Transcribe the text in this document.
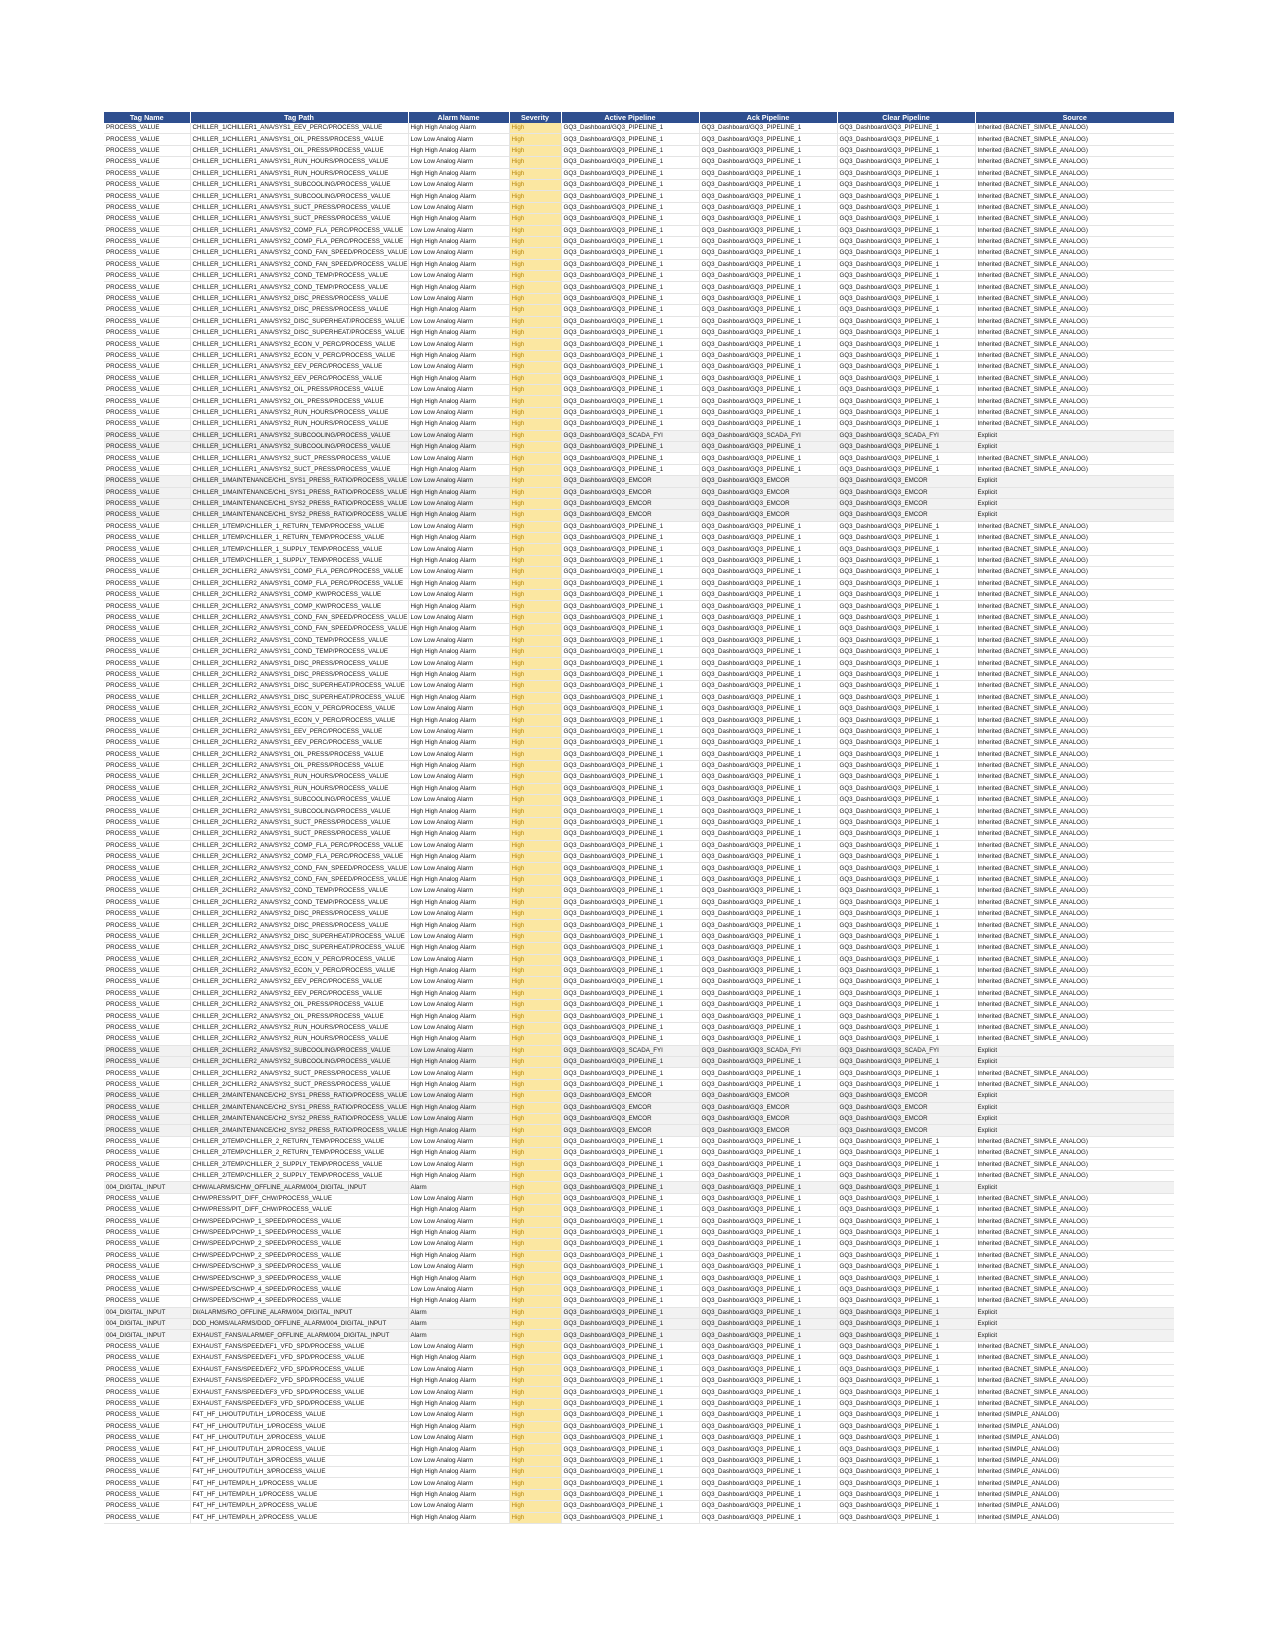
Tag Name	Tag Path	Alarm Name	Severity	Active Pipeline	Ack Pipeline	Clear Pipeline	Source
PROCESS_VALUE	CHILLER_1/CHILLER1_ANA/SYS1_EEV_PERC/PROCESS_VALUE	High High Analog Alarm	High	GQ3_Dashboard/GQ3_PIPELINE_1	GQ3_Dashboard/GQ3_PIPELINE_1	GQ3_Dashboard/GQ3_PIPELINE_1	Inherited (BACNET_SIMPLE_ANALOG)
PROCESS_VALUE	CHILLER_1/CHILLER1_ANA/SYS1_OIL_PRESS/PROCESS_VALUE	Low Low Analog Alarm	High	GQ3_Dashboard/GQ3_PIPELINE_1	GQ3_Dashboard/GQ3_PIPELINE_1	GQ3_Dashboard/GQ3_PIPELINE_1	Inherited (BACNET_SIMPLE_ANALOG)
PROCESS_VALUE	CHILLER_1/CHILLER1_ANA/SYS1_OIL_PRESS/PROCESS_VALUE	High High Analog Alarm	High	GQ3_Dashboard/GQ3_PIPELINE_1	GQ3_Dashboard/GQ3_PIPELINE_1	GQ3_Dashboard/GQ3_PIPELINE_1	Inherited (BACNET_SIMPLE_ANALOG)
PROCESS_VALUE	CHILLER_1/CHILLER1_ANA/SYS1_RUN_HOURS/PROCESS_VALUE	Low Low Analog Alarm	High	GQ3_Dashboard/GQ3_PIPELINE_1	GQ3_Dashboard/GQ3_PIPELINE_1	GQ3_Dashboard/GQ3_PIPELINE_1	Inherited (BACNET_SIMPLE_ANALOG)
PROCESS_VALUE	CHILLER_1/CHILLER1_ANA/SYS1_RUN_HOURS/PROCESS_VALUE	High High Analog Alarm	High	GQ3_Dashboard/GQ3_PIPELINE_1	GQ3_Dashboard/GQ3_PIPELINE_1	GQ3_Dashboard/GQ3_PIPELINE_1	Inherited (BACNET_SIMPLE_ANALOG)
PROCESS_VALUE	CHILLER_1/CHILLER1_ANA/SYS1_SUBCOOLING/PROCESS_VALUE	Low Low Analog Alarm	High	GQ3_Dashboard/GQ3_PIPELINE_1	GQ3_Dashboard/GQ3_PIPELINE_1	GQ3_Dashboard/GQ3_PIPELINE_1	Inherited (BACNET_SIMPLE_ANALOG)
PROCESS_VALUE	CHILLER_1/CHILLER1_ANA/SYS1_SUBCOOLING/PROCESS_VALUE	High High Analog Alarm	High	GQ3_Dashboard/GQ3_PIPELINE_1	GQ3_Dashboard/GQ3_PIPELINE_1	GQ3_Dashboard/GQ3_PIPELINE_1	Inherited (BACNET_SIMPLE_ANALOG)
PROCESS_VALUE	CHILLER_1/CHILLER1_ANA/SYS1_SUCT_PRESS/PROCESS_VALUE	Low Low Analog Alarm	High	GQ3_Dashboard/GQ3_PIPELINE_1	GQ3_Dashboard/GQ3_PIPELINE_1	GQ3_Dashboard/GQ3_PIPELINE_1	Inherited (BACNET_SIMPLE_ANALOG)
PROCESS_VALUE	CHILLER_1/CHILLER1_ANA/SYS1_SUCT_PRESS/PROCESS_VALUE	High High Analog Alarm	High	GQ3_Dashboard/GQ3_PIPELINE_1	GQ3_Dashboard/GQ3_PIPELINE_1	GQ3_Dashboard/GQ3_PIPELINE_1	Inherited (BACNET_SIMPLE_ANALOG)
PROCESS_VALUE	CHILLER_1/CHILLER1_ANA/SYS2_COMP_FLA_PERC/PROCESS_VALUE	Low Low Analog Alarm	High	GQ3_Dashboard/GQ3_PIPELINE_1	GQ3_Dashboard/GQ3_PIPELINE_1	GQ3_Dashboard/GQ3_PIPELINE_1	Inherited (BACNET_SIMPLE_ANALOG)
PROCESS_VALUE	CHILLER_1/CHILLER1_ANA/SYS2_COMP_FLA_PERC/PROCESS_VALUE	High High Analog Alarm	High	GQ3_Dashboard/GQ3_PIPELINE_1	GQ3_Dashboard/GQ3_PIPELINE_1	GQ3_Dashboard/GQ3_PIPELINE_1	Inherited (BACNET_SIMPLE_ANALOG)
PROCESS_VALUE	CHILLER_1/CHILLER1_ANA/SYS2_COND_FAN_SPEED/PROCESS_VALUE	Low Low Analog Alarm	High	GQ3_Dashboard/GQ3_PIPELINE_1	GQ3_Dashboard/GQ3_PIPELINE_1	GQ3_Dashboard/GQ3_PIPELINE_1	Inherited (BACNET_SIMPLE_ANALOG)
PROCESS_VALUE	CHILLER_1/CHILLER1_ANA/SYS2_COND_FAN_SPEED/PROCESS_VALUE	High High Analog Alarm	High	GQ3_Dashboard/GQ3_PIPELINE_1	GQ3_Dashboard/GQ3_PIPELINE_1	GQ3_Dashboard/GQ3_PIPELINE_1	Inherited (BACNET_SIMPLE_ANALOG)
PROCESS_VALUE	CHILLER_1/CHILLER1_ANA/SYS2_COND_TEMP/PROCESS_VALUE	Low Low Analog Alarm	High	GQ3_Dashboard/GQ3_PIPELINE_1	GQ3_Dashboard/GQ3_PIPELINE_1	GQ3_Dashboard/GQ3_PIPELINE_1	Inherited (BACNET_SIMPLE_ANALOG)
PROCESS_VALUE	CHILLER_1/CHILLER1_ANA/SYS2_COND_TEMP/PROCESS_VALUE	High High Analog Alarm	High	GQ3_Dashboard/GQ3_PIPELINE_1	GQ3_Dashboard/GQ3_PIPELINE_1	GQ3_Dashboard/GQ3_PIPELINE_1	Inherited (BACNET_SIMPLE_ANALOG)
PROCESS_VALUE	CHILLER_1/CHILLER1_ANA/SYS2_DISC_PRESS/PROCESS_VALUE	Low Low Analog Alarm	High	GQ3_Dashboard/GQ3_PIPELINE_1	GQ3_Dashboard/GQ3_PIPELINE_1	GQ3_Dashboard/GQ3_PIPELINE_1	Inherited (BACNET_SIMPLE_ANALOG)
PROCESS_VALUE	CHILLER_1/CHILLER1_ANA/SYS2_DISC_PRESS/PROCESS_VALUE	High High Analog Alarm	High	GQ3_Dashboard/GQ3_PIPELINE_1	GQ3_Dashboard/GQ3_PIPELINE_1	GQ3_Dashboard/GQ3_PIPELINE_1	Inherited (BACNET_SIMPLE_ANALOG)
PROCESS_VALUE	CHILLER_1/CHILLER1_ANA/SYS2_DISC_SUPERHEAT/PROCESS_VALUE	Low Low Analog Alarm	High	GQ3_Dashboard/GQ3_PIPELINE_1	GQ3_Dashboard/GQ3_PIPELINE_1	GQ3_Dashboard/GQ3_PIPELINE_1	Inherited (BACNET_SIMPLE_ANALOG)
PROCESS_VALUE	CHILLER_1/CHILLER1_ANA/SYS2_DISC_SUPERHEAT/PROCESS_VALUE	High High Analog Alarm	High	GQ3_Dashboard/GQ3_PIPELINE_1	GQ3_Dashboard/GQ3_PIPELINE_1	GQ3_Dashboard/GQ3_PIPELINE_1	Inherited (BACNET_SIMPLE_ANALOG)
PROCESS_VALUE	CHILLER_1/CHILLER1_ANA/SYS2_ECON_V_PERC/PROCESS_VALUE	Low Low Analog Alarm	High	GQ3_Dashboard/GQ3_PIPELINE_1	GQ3_Dashboard/GQ3_PIPELINE_1	GQ3_Dashboard/GQ3_PIPELINE_1	Inherited (BACNET_SIMPLE_ANALOG)
PROCESS_VALUE	CHILLER_1/CHILLER1_ANA/SYS2_ECON_V_PERC/PROCESS_VALUE	High High Analog Alarm	High	GQ3_Dashboard/GQ3_PIPELINE_1	GQ3_Dashboard/GQ3_PIPELINE_1	GQ3_Dashboard/GQ3_PIPELINE_1	Inherited (BACNET_SIMPLE_ANALOG)
PROCESS_VALUE	CHILLER_1/CHILLER1_ANA/SYS2_EEV_PERC/PROCESS_VALUE	Low Low Analog Alarm	High	GQ3_Dashboard/GQ3_PIPELINE_1	GQ3_Dashboard/GQ3_PIPELINE_1	GQ3_Dashboard/GQ3_PIPELINE_1	Inherited (BACNET_SIMPLE_ANALOG)
PROCESS_VALUE	CHILLER_1/CHILLER1_ANA/SYS2_EEV_PERC/PROCESS_VALUE	High High Analog Alarm	High	GQ3_Dashboard/GQ3_PIPELINE_1	GQ3_Dashboard/GQ3_PIPELINE_1	GQ3_Dashboard/GQ3_PIPELINE_1	Inherited (BACNET_SIMPLE_ANALOG)
PROCESS_VALUE	CHILLER_1/CHILLER1_ANA/SYS2_OIL_PRESS/PROCESS_VALUE	Low Low Analog Alarm	High	GQ3_Dashboard/GQ3_PIPELINE_1	GQ3_Dashboard/GQ3_PIPELINE_1	GQ3_Dashboard/GQ3_PIPELINE_1	Inherited (BACNET_SIMPLE_ANALOG)
PROCESS_VALUE	CHILLER_1/CHILLER1_ANA/SYS2_OIL_PRESS/PROCESS_VALUE	High High Analog Alarm	High	GQ3_Dashboard/GQ3_PIPELINE_1	GQ3_Dashboard/GQ3_PIPELINE_1	GQ3_Dashboard/GQ3_PIPELINE_1	Inherited (BACNET_SIMPLE_ANALOG)
PROCESS_VALUE	CHILLER_1/CHILLER1_ANA/SYS2_RUN_HOURS/PROCESS_VALUE	Low Low Analog Alarm	High	GQ3_Dashboard/GQ3_PIPELINE_1	GQ3_Dashboard/GQ3_PIPELINE_1	GQ3_Dashboard/GQ3_PIPELINE_1	Inherited (BACNET_SIMPLE_ANALOG)
PROCESS_VALUE	CHILLER_1/CHILLER1_ANA/SYS2_RUN_HOURS/PROCESS_VALUE	High High Analog Alarm	High	GQ3_Dashboard/GQ3_PIPELINE_1	GQ3_Dashboard/GQ3_PIPELINE_1	GQ3_Dashboard/GQ3_PIPELINE_1	Inherited (BACNET_SIMPLE_ANALOG)
PROCESS_VALUE	CHILLER_1/CHILLER1_ANA/SYS2_SUBCOOLING/PROCESS_VALUE	Low Low Analog Alarm	High	GQ3_Dashboard/GQ3_SCADA_FYI	GQ3_Dashboard/GQ3_SCADA_FYI	GQ3_Dashboard/GQ3_SCADA_FYI	Explicit
PROCESS_VALUE	CHILLER_1/CHILLER1_ANA/SYS2_SUBCOOLING/PROCESS_VALUE	High High Analog Alarm	High	GQ3_Dashboard/GQ3_PIPELINE_1	GQ3_Dashboard/GQ3_PIPELINE_1	GQ3_Dashboard/GQ3_PIPELINE_1	Explicit
PROCESS_VALUE	CHILLER_1/CHILLER1_ANA/SYS2_SUCT_PRESS/PROCESS_VALUE	Low Low Analog Alarm	High	GQ3_Dashboard/GQ3_PIPELINE_1	GQ3_Dashboard/GQ3_PIPELINE_1	GQ3_Dashboard/GQ3_PIPELINE_1	Inherited (BACNET_SIMPLE_ANALOG)
PROCESS_VALUE	CHILLER_1/CHILLER1_ANA/SYS2_SUCT_PRESS/PROCESS_VALUE	High High Analog Alarm	High	GQ3_Dashboard/GQ3_PIPELINE_1	GQ3_Dashboard/GQ3_PIPELINE_1	GQ3_Dashboard/GQ3_PIPELINE_1	Inherited (BACNET_SIMPLE_ANALOG)
PROCESS_VALUE	CHILLER_1/MAINTENANCE/CH1_SYS1_PRESS_RATIO/PROCESS_VALUE	Low Low Analog Alarm	High	GQ3_Dashboard/GQ3_EMCOR	GQ3_Dashboard/GQ3_EMCOR	GQ3_Dashboard/GQ3_EMCOR	Explicit
PROCESS_VALUE	CHILLER_1/MAINTENANCE/CH1_SYS1_PRESS_RATIO/PROCESS_VALUE	High High Analog Alarm	High	GQ3_Dashboard/GQ3_EMCOR	GQ3_Dashboard/GQ3_EMCOR	GQ3_Dashboard/GQ3_EMCOR	Explicit
PROCESS_VALUE	CHILLER_1/MAINTENANCE/CH1_SYS2_PRESS_RATIO/PROCESS_VALUE	Low Low Analog Alarm	High	GQ3_Dashboard/GQ3_EMCOR	GQ3_Dashboard/GQ3_EMCOR	GQ3_Dashboard/GQ3_EMCOR	Explicit
PROCESS_VALUE	CHILLER_1/MAINTENANCE/CH1_SYS2_PRESS_RATIO/PROCESS_VALUE	High High Analog Alarm	High	GQ3_Dashboard/GQ3_EMCOR	GQ3_Dashboard/GQ3_EMCOR	GQ3_Dashboard/GQ3_EMCOR	Explicit
PROCESS_VALUE	CHILLER_1/TEMP/CHILLER_1_RETURN_TEMP/PROCESS_VALUE	Low Low Analog Alarm	High	GQ3_Dashboard/GQ3_PIPELINE_1	GQ3_Dashboard/GQ3_PIPELINE_1	GQ3_Dashboard/GQ3_PIPELINE_1	Inherited (BACNET_SIMPLE_ANALOG)
PROCESS_VALUE	CHILLER_1/TEMP/CHILLER_1_RETURN_TEMP/PROCESS_VALUE	High High Analog Alarm	High	GQ3_Dashboard/GQ3_PIPELINE_1	GQ3_Dashboard/GQ3_PIPELINE_1	GQ3_Dashboard/GQ3_PIPELINE_1	Inherited (BACNET_SIMPLE_ANALOG)
PROCESS_VALUE	CHILLER_1/TEMP/CHILLER_1_SUPPLY_TEMP/PROCESS_VALUE	Low Low Analog Alarm	High	GQ3_Dashboard/GQ3_PIPELINE_1	GQ3_Dashboard/GQ3_PIPELINE_1	GQ3_Dashboard/GQ3_PIPELINE_1	Inherited (BACNET_SIMPLE_ANALOG)
PROCESS_VALUE	CHILLER_1/TEMP/CHILLER_1_SUPPLY_TEMP/PROCESS_VALUE	High High Analog Alarm	High	GQ3_Dashboard/GQ3_PIPELINE_1	GQ3_Dashboard/GQ3_PIPELINE_1	GQ3_Dashboard/GQ3_PIPELINE_1	Inherited (BACNET_SIMPLE_ANALOG)
PROCESS_VALUE	CHILLER_2/CHILLER2_ANA/SYS1_COMP_FLA_PERC/PROCESS_VALUE	Low Low Analog Alarm	High	GQ3_Dashboard/GQ3_PIPELINE_1	GQ3_Dashboard/GQ3_PIPELINE_1	GQ3_Dashboard/GQ3_PIPELINE_1	Inherited (BACNET_SIMPLE_ANALOG)
PROCESS_VALUE	CHILLER_2/CHILLER2_ANA/SYS1_COMP_FLA_PERC/PROCESS_VALUE	High High Analog Alarm	High	GQ3_Dashboard/GQ3_PIPELINE_1	GQ3_Dashboard/GQ3_PIPELINE_1	GQ3_Dashboard/GQ3_PIPELINE_1	Inherited (BACNET_SIMPLE_ANALOG)
PROCESS_VALUE	CHILLER_2/CHILLER2_ANA/SYS1_COMP_KW/PROCESS_VALUE	Low Low Analog Alarm	High	GQ3_Dashboard/GQ3_PIPELINE_1	GQ3_Dashboard/GQ3_PIPELINE_1	GQ3_Dashboard/GQ3_PIPELINE_1	Inherited (BACNET_SIMPLE_ANALOG)
PROCESS_VALUE	CHILLER_2/CHILLER2_ANA/SYS1_COMP_KW/PROCESS_VALUE	High High Analog Alarm	High	GQ3_Dashboard/GQ3_PIPELINE_1	GQ3_Dashboard/GQ3_PIPELINE_1	GQ3_Dashboard/GQ3_PIPELINE_1	Inherited (BACNET_SIMPLE_ANALOG)
PROCESS_VALUE	CHILLER_2/CHILLER2_ANA/SYS1_COND_FAN_SPEED/PROCESS_VALUE	Low Low Analog Alarm	High	GQ3_Dashboard/GQ3_PIPELINE_1	GQ3_Dashboard/GQ3_PIPELINE_1	GQ3_Dashboard/GQ3_PIPELINE_1	Inherited (BACNET_SIMPLE_ANALOG)
PROCESS_VALUE	CHILLER_2/CHILLER2_ANA/SYS1_COND_FAN_SPEED/PROCESS_VALUE	High High Analog Alarm	High	GQ3_Dashboard/GQ3_PIPELINE_1	GQ3_Dashboard/GQ3_PIPELINE_1	GQ3_Dashboard/GQ3_PIPELINE_1	Inherited (BACNET_SIMPLE_ANALOG)
PROCESS_VALUE	CHILLER_2/CHILLER2_ANA/SYS1_COND_TEMP/PROCESS_VALUE	Low Low Analog Alarm	High	GQ3_Dashboard/GQ3_PIPELINE_1	GQ3_Dashboard/GQ3_PIPELINE_1	GQ3_Dashboard/GQ3_PIPELINE_1	Inherited (BACNET_SIMPLE_ANALOG)
PROCESS_VALUE	CHILLER_2/CHILLER2_ANA/SYS1_COND_TEMP/PROCESS_VALUE	High High Analog Alarm	High	GQ3_Dashboard/GQ3_PIPELINE_1	GQ3_Dashboard/GQ3_PIPELINE_1	GQ3_Dashboard/GQ3_PIPELINE_1	Inherited (BACNET_SIMPLE_ANALOG)
PROCESS_VALUE	CHILLER_2/CHILLER2_ANA/SYS1_DISC_PRESS/PROCESS_VALUE	Low Low Analog Alarm	High	GQ3_Dashboard/GQ3_PIPELINE_1	GQ3_Dashboard/GQ3_PIPELINE_1	GQ3_Dashboard/GQ3_PIPELINE_1	Inherited (BACNET_SIMPLE_ANALOG)
PROCESS_VALUE	CHILLER_2/CHILLER2_ANA/SYS1_DISC_PRESS/PROCESS_VALUE	High High Analog Alarm	High	GQ3_Dashboard/GQ3_PIPELINE_1	GQ3_Dashboard/GQ3_PIPELINE_1	GQ3_Dashboard/GQ3_PIPELINE_1	Inherited (BACNET_SIMPLE_ANALOG)
PROCESS_VALUE	CHILLER_2/CHILLER2_ANA/SYS1_DISC_SUPERHEAT/PROCESS_VALUE	Low Low Analog Alarm	High	GQ3_Dashboard/GQ3_PIPELINE_1	GQ3_Dashboard/GQ3_PIPELINE_1	GQ3_Dashboard/GQ3_PIPELINE_1	Inherited (BACNET_SIMPLE_ANALOG)
PROCESS_VALUE	CHILLER_2/CHILLER2_ANA/SYS1_DISC_SUPERHEAT/PROCESS_VALUE	High High Analog Alarm	High	GQ3_Dashboard/GQ3_PIPELINE_1	GQ3_Dashboard/GQ3_PIPELINE_1	GQ3_Dashboard/GQ3_PIPELINE_1	Inherited (BACNET_SIMPLE_ANALOG)
PROCESS_VALUE	CHILLER_2/CHILLER2_ANA/SYS1_ECON_V_PERC/PROCESS_VALUE	Low Low Analog Alarm	High	GQ3_Dashboard/GQ3_PIPELINE_1	GQ3_Dashboard/GQ3_PIPELINE_1	GQ3_Dashboard/GQ3_PIPELINE_1	Inherited (BACNET_SIMPLE_ANALOG)
PROCESS_VALUE	CHILLER_2/CHILLER2_ANA/SYS1_ECON_V_PERC/PROCESS_VALUE	High High Analog Alarm	High	GQ3_Dashboard/GQ3_PIPELINE_1	GQ3_Dashboard/GQ3_PIPELINE_1	GQ3_Dashboard/GQ3_PIPELINE_1	Inherited (BACNET_SIMPLE_ANALOG)
PROCESS_VALUE	CHILLER_2/CHILLER2_ANA/SYS1_EEV_PERC/PROCESS_VALUE	Low Low Analog Alarm	High	GQ3_Dashboard/GQ3_PIPELINE_1	GQ3_Dashboard/GQ3_PIPELINE_1	GQ3_Dashboard/GQ3_PIPELINE_1	Inherited (BACNET_SIMPLE_ANALOG)
PROCESS_VALUE	CHILLER_2/CHILLER2_ANA/SYS1_EEV_PERC/PROCESS_VALUE	High High Analog Alarm	High	GQ3_Dashboard/GQ3_PIPELINE_1	GQ3_Dashboard/GQ3_PIPELINE_1	GQ3_Dashboard/GQ3_PIPELINE_1	Inherited (BACNET_SIMPLE_ANALOG)
PROCESS_VALUE	CHILLER_2/CHILLER2_ANA/SYS1_OIL_PRESS/PROCESS_VALUE	Low Low Analog Alarm	High	GQ3_Dashboard/GQ3_PIPELINE_1	GQ3_Dashboard/GQ3_PIPELINE_1	GQ3_Dashboard/GQ3_PIPELINE_1	Inherited (BACNET_SIMPLE_ANALOG)
PROCESS_VALUE	CHILLER_2/CHILLER2_ANA/SYS1_OIL_PRESS/PROCESS_VALUE	High High Analog Alarm	High	GQ3_Dashboard/GQ3_PIPELINE_1	GQ3_Dashboard/GQ3_PIPELINE_1	GQ3_Dashboard/GQ3_PIPELINE_1	Inherited (BACNET_SIMPLE_ANALOG)
PROCESS_VALUE	CHILLER_2/CHILLER2_ANA/SYS1_RUN_HOURS/PROCESS_VALUE	Low Low Analog Alarm	High	GQ3_Dashboard/GQ3_PIPELINE_1	GQ3_Dashboard/GQ3_PIPELINE_1	GQ3_Dashboard/GQ3_PIPELINE_1	Inherited (BACNET_SIMPLE_ANALOG)
PROCESS_VALUE	CHILLER_2/CHILLER2_ANA/SYS1_RUN_HOURS/PROCESS_VALUE	High High Analog Alarm	High	GQ3_Dashboard/GQ3_PIPELINE_1	GQ3_Dashboard/GQ3_PIPELINE_1	GQ3_Dashboard/GQ3_PIPELINE_1	Inherited (BACNET_SIMPLE_ANALOG)
PROCESS_VALUE	CHILLER_2/CHILLER2_ANA/SYS1_SUBCOOLING/PROCESS_VALUE	Low Low Analog Alarm	High	GQ3_Dashboard/GQ3_PIPELINE_1	GQ3_Dashboard/GQ3_PIPELINE_1	GQ3_Dashboard/GQ3_PIPELINE_1	Inherited (BACNET_SIMPLE_ANALOG)
PROCESS_VALUE	CHILLER_2/CHILLER2_ANA/SYS1_SUBCOOLING/PROCESS_VALUE	High High Analog Alarm	High	GQ3_Dashboard/GQ3_PIPELINE_1	GQ3_Dashboard/GQ3_PIPELINE_1	GQ3_Dashboard/GQ3_PIPELINE_1	Inherited (BACNET_SIMPLE_ANALOG)
PROCESS_VALUE	CHILLER_2/CHILLER2_ANA/SYS1_SUCT_PRESS/PROCESS_VALUE	Low Low Analog Alarm	High	GQ3_Dashboard/GQ3_PIPELINE_1	GQ3_Dashboard/GQ3_PIPELINE_1	GQ3_Dashboard/GQ3_PIPELINE_1	Inherited (BACNET_SIMPLE_ANALOG)
PROCESS_VALUE	CHILLER_2/CHILLER2_ANA/SYS1_SUCT_PRESS/PROCESS_VALUE	High High Analog Alarm	High	GQ3_Dashboard/GQ3_PIPELINE_1	GQ3_Dashboard/GQ3_PIPELINE_1	GQ3_Dashboard/GQ3_PIPELINE_1	Inherited (BACNET_SIMPLE_ANALOG)
PROCESS_VALUE	CHILLER_2/CHILLER2_ANA/SYS2_COMP_FLA_PERC/PROCESS_VALUE	Low Low Analog Alarm	High	GQ3_Dashboard/GQ3_PIPELINE_1	GQ3_Dashboard/GQ3_PIPELINE_1	GQ3_Dashboard/GQ3_PIPELINE_1	Inherited (BACNET_SIMPLE_ANALOG)
PROCESS_VALUE	CHILLER_2/CHILLER2_ANA/SYS2_COMP_FLA_PERC/PROCESS_VALUE	High High Analog Alarm	High	GQ3_Dashboard/GQ3_PIPELINE_1	GQ3_Dashboard/GQ3_PIPELINE_1	GQ3_Dashboard/GQ3_PIPELINE_1	Inherited (BACNET_SIMPLE_ANALOG)
PROCESS_VALUE	CHILLER_2/CHILLER2_ANA/SYS2_COND_FAN_SPEED/PROCESS_VALUE	Low Low Analog Alarm	High	GQ3_Dashboard/GQ3_PIPELINE_1	GQ3_Dashboard/GQ3_PIPELINE_1	GQ3_Dashboard/GQ3_PIPELINE_1	Inherited (BACNET_SIMPLE_ANALOG)
PROCESS_VALUE	CHILLER_2/CHILLER2_ANA/SYS2_COND_FAN_SPEED/PROCESS_VALUE	High High Analog Alarm	High	GQ3_Dashboard/GQ3_PIPELINE_1	GQ3_Dashboard/GQ3_PIPELINE_1	GQ3_Dashboard/GQ3_PIPELINE_1	Inherited (BACNET_SIMPLE_ANALOG)
PROCESS_VALUE	CHILLER_2/CHILLER2_ANA/SYS2_COND_TEMP/PROCESS_VALUE	Low Low Analog Alarm	High	GQ3_Dashboard/GQ3_PIPELINE_1	GQ3_Dashboard/GQ3_PIPELINE_1	GQ3_Dashboard/GQ3_PIPELINE_1	Inherited (BACNET_SIMPLE_ANALOG)
PROCESS_VALUE	CHILLER_2/CHILLER2_ANA/SYS2_COND_TEMP/PROCESS_VALUE	High High Analog Alarm	High	GQ3_Dashboard/GQ3_PIPELINE_1	GQ3_Dashboard/GQ3_PIPELINE_1	GQ3_Dashboard/GQ3_PIPELINE_1	Inherited (BACNET_SIMPLE_ANALOG)
PROCESS_VALUE	CHILLER_2/CHILLER2_ANA/SYS2_DISC_PRESS/PROCESS_VALUE	Low Low Analog Alarm	High	GQ3_Dashboard/GQ3_PIPELINE_1	GQ3_Dashboard/GQ3_PIPELINE_1	GQ3_Dashboard/GQ3_PIPELINE_1	Inherited (BACNET_SIMPLE_ANALOG)
PROCESS_VALUE	CHILLER_2/CHILLER2_ANA/SYS2_DISC_PRESS/PROCESS_VALUE	High High Analog Alarm	High	GQ3_Dashboard/GQ3_PIPELINE_1	GQ3_Dashboard/GQ3_PIPELINE_1	GQ3_Dashboard/GQ3_PIPELINE_1	Inherited (BACNET_SIMPLE_ANALOG)
PROCESS_VALUE	CHILLER_2/CHILLER2_ANA/SYS2_DISC_SUPERHEAT/PROCESS_VALUE	Low Low Analog Alarm	High	GQ3_Dashboard/GQ3_PIPELINE_1	GQ3_Dashboard/GQ3_PIPELINE_1	GQ3_Dashboard/GQ3_PIPELINE_1	Inherited (BACNET_SIMPLE_ANALOG)
PROCESS_VALUE	CHILLER_2/CHILLER2_ANA/SYS2_DISC_SUPERHEAT/PROCESS_VALUE	High High Analog Alarm	High	GQ3_Dashboard/GQ3_PIPELINE_1	GQ3_Dashboard/GQ3_PIPELINE_1	GQ3_Dashboard/GQ3_PIPELINE_1	Inherited (BACNET_SIMPLE_ANALOG)
PROCESS_VALUE	CHILLER_2/CHILLER2_ANA/SYS2_ECON_V_PERC/PROCESS_VALUE	Low Low Analog Alarm	High	GQ3_Dashboard/GQ3_PIPELINE_1	GQ3_Dashboard/GQ3_PIPELINE_1	GQ3_Dashboard/GQ3_PIPELINE_1	Inherited (BACNET_SIMPLE_ANALOG)
PROCESS_VALUE	CHILLER_2/CHILLER2_ANA/SYS2_ECON_V_PERC/PROCESS_VALUE	High High Analog Alarm	High	GQ3_Dashboard/GQ3_PIPELINE_1	GQ3_Dashboard/GQ3_PIPELINE_1	GQ3_Dashboard/GQ3_PIPELINE_1	Inherited (BACNET_SIMPLE_ANALOG)
PROCESS_VALUE	CHILLER_2/CHILLER2_ANA/SYS2_EEV_PERC/PROCESS_VALUE	Low Low Analog Alarm	High	GQ3_Dashboard/GQ3_PIPELINE_1	GQ3_Dashboard/GQ3_PIPELINE_1	GQ3_Dashboard/GQ3_PIPELINE_1	Inherited (BACNET_SIMPLE_ANALOG)
PROCESS_VALUE	CHILLER_2/CHILLER2_ANA/SYS2_EEV_PERC/PROCESS_VALUE	High High Analog Alarm	High	GQ3_Dashboard/GQ3_PIPELINE_1	GQ3_Dashboard/GQ3_PIPELINE_1	GQ3_Dashboard/GQ3_PIPELINE_1	Inherited (BACNET_SIMPLE_ANALOG)
PROCESS_VALUE	CHILLER_2/CHILLER2_ANA/SYS2_OIL_PRESS/PROCESS_VALUE	Low Low Analog Alarm	High	GQ3_Dashboard/GQ3_PIPELINE_1	GQ3_Dashboard/GQ3_PIPELINE_1	GQ3_Dashboard/GQ3_PIPELINE_1	Inherited (BACNET_SIMPLE_ANALOG)
PROCESS_VALUE	CHILLER_2/CHILLER2_ANA/SYS2_OIL_PRESS/PROCESS_VALUE	High High Analog Alarm	High	GQ3_Dashboard/GQ3_PIPELINE_1	GQ3_Dashboard/GQ3_PIPELINE_1	GQ3_Dashboard/GQ3_PIPELINE_1	Inherited (BACNET_SIMPLE_ANALOG)
PROCESS_VALUE	CHILLER_2/CHILLER2_ANA/SYS2_RUN_HOURS/PROCESS_VALUE	Low Low Analog Alarm	High	GQ3_Dashboard/GQ3_PIPELINE_1	GQ3_Dashboard/GQ3_PIPELINE_1	GQ3_Dashboard/GQ3_PIPELINE_1	Inherited (BACNET_SIMPLE_ANALOG)
PROCESS_VALUE	CHILLER_2/CHILLER2_ANA/SYS2_RUN_HOURS/PROCESS_VALUE	High High Analog Alarm	High	GQ3_Dashboard/GQ3_PIPELINE_1	GQ3_Dashboard/GQ3_PIPELINE_1	GQ3_Dashboard/GQ3_PIPELINE_1	Inherited (BACNET_SIMPLE_ANALOG)
PROCESS_VALUE	CHILLER_2/CHILLER2_ANA/SYS2_SUBCOOLING/PROCESS_VALUE	Low Low Analog Alarm	High	GQ3_Dashboard/GQ3_SCADA_FYI	GQ3_Dashboard/GQ3_SCADA_FYI	GQ3_Dashboard/GQ3_SCADA_FYI	Explicit
PROCESS_VALUE	CHILLER_2/CHILLER2_ANA/SYS2_SUBCOOLING/PROCESS_VALUE	High High Analog Alarm	High	GQ3_Dashboard/GQ3_PIPELINE_1	GQ3_Dashboard/GQ3_PIPELINE_1	GQ3_Dashboard/GQ3_PIPELINE_1	Explicit
PROCESS_VALUE	CHILLER_2/CHILLER2_ANA/SYS2_SUCT_PRESS/PROCESS_VALUE	Low Low Analog Alarm	High	GQ3_Dashboard/GQ3_PIPELINE_1	GQ3_Dashboard/GQ3_PIPELINE_1	GQ3_Dashboard/GQ3_PIPELINE_1	Inherited (BACNET_SIMPLE_ANALOG)
PROCESS_VALUE	CHILLER_2/CHILLER2_ANA/SYS2_SUCT_PRESS/PROCESS_VALUE	High High Analog Alarm	High	GQ3_Dashboard/GQ3_PIPELINE_1	GQ3_Dashboard/GQ3_PIPELINE_1	GQ3_Dashboard/GQ3_PIPELINE_1	Inherited (BACNET_SIMPLE_ANALOG)
PROCESS_VALUE	CHILLER_2/MAINTENANCE/CH2_SYS1_PRESS_RATIO/PROCESS_VALUE	Low Low Analog Alarm	High	GQ3_Dashboard/GQ3_EMCOR	GQ3_Dashboard/GQ3_EMCOR	GQ3_Dashboard/GQ3_EMCOR	Explicit
PROCESS_VALUE	CHILLER_2/MAINTENANCE/CH2_SYS1_PRESS_RATIO/PROCESS_VALUE	High High Analog Alarm	High	GQ3_Dashboard/GQ3_EMCOR	GQ3_Dashboard/GQ3_EMCOR	GQ3_Dashboard/GQ3_EMCOR	Explicit
PROCESS_VALUE	CHILLER_2/MAINTENANCE/CH2_SYS2_PRESS_RATIO/PROCESS_VALUE	Low Low Analog Alarm	High	GQ3_Dashboard/GQ3_EMCOR	GQ3_Dashboard/GQ3_EMCOR	GQ3_Dashboard/GQ3_EMCOR	Explicit
PROCESS_VALUE	CHILLER_2/MAINTENANCE/CH2_SYS2_PRESS_RATIO/PROCESS_VALUE	High High Analog Alarm	High	GQ3_Dashboard/GQ3_EMCOR	GQ3_Dashboard/GQ3_EMCOR	GQ3_Dashboard/GQ3_EMCOR	Explicit
PROCESS_VALUE	CHILLER_2/TEMP/CHILLER_2_RETURN_TEMP/PROCESS_VALUE	Low Low Analog Alarm	High	GQ3_Dashboard/GQ3_PIPELINE_1	GQ3_Dashboard/GQ3_PIPELINE_1	GQ3_Dashboard/GQ3_PIPELINE_1	Inherited (BACNET_SIMPLE_ANALOG)
PROCESS_VALUE	CHILLER_2/TEMP/CHILLER_2_RETURN_TEMP/PROCESS_VALUE	High High Analog Alarm	High	GQ3_Dashboard/GQ3_PIPELINE_1	GQ3_Dashboard/GQ3_PIPELINE_1	GQ3_Dashboard/GQ3_PIPELINE_1	Inherited (BACNET_SIMPLE_ANALOG)
PROCESS_VALUE	CHILLER_2/TEMP/CHILLER_2_SUPPLY_TEMP/PROCESS_VALUE	Low Low Analog Alarm	High	GQ3_Dashboard/GQ3_PIPELINE_1	GQ3_Dashboard/GQ3_PIPELINE_1	GQ3_Dashboard/GQ3_PIPELINE_1	Inherited (BACNET_SIMPLE_ANALOG)
PROCESS_VALUE	CHILLER_2/TEMP/CHILLER_2_SUPPLY_TEMP/PROCESS_VALUE	High High Analog Alarm	High	GQ3_Dashboard/GQ3_PIPELINE_1	GQ3_Dashboard/GQ3_PIPELINE_1	GQ3_Dashboard/GQ3_PIPELINE_1	Inherited (BACNET_SIMPLE_ANALOG)
004_DIGITAL_INPUT	CHW/ALARMS/CHW_OFFLINE_ALARM/004_DIGITAL_INPUT	Alarm	High	GQ3_Dashboard/GQ3_PIPELINE_1	GQ3_Dashboard/GQ3_PIPELINE_1	GQ3_Dashboard/GQ3_PIPELINE_1	Explicit
PROCESS_VALUE	CHW/PRESS/PIT_DIFF_CHW/PROCESS_VALUE	Low Low Analog Alarm	High	GQ3_Dashboard/GQ3_PIPELINE_1	GQ3_Dashboard/GQ3_PIPELINE_1	GQ3_Dashboard/GQ3_PIPELINE_1	Inherited (BACNET_SIMPLE_ANALOG)
PROCESS_VALUE	CHW/PRESS/PIT_DIFF_CHW/PROCESS_VALUE	High High Analog Alarm	High	GQ3_Dashboard/GQ3_PIPELINE_1	GQ3_Dashboard/GQ3_PIPELINE_1	GQ3_Dashboard/GQ3_PIPELINE_1	Inherited (BACNET_SIMPLE_ANALOG)
PROCESS_VALUE	CHW/SPEED/PCHWP_1_SPEED/PROCESS_VALUE	Low Low Analog Alarm	High	GQ3_Dashboard/GQ3_PIPELINE_1	GQ3_Dashboard/GQ3_PIPELINE_1	GQ3_Dashboard/GQ3_PIPELINE_1	Inherited (BACNET_SIMPLE_ANALOG)
PROCESS_VALUE	CHW/SPEED/PCHWP_1_SPEED/PROCESS_VALUE	High High Analog Alarm	High	GQ3_Dashboard/GQ3_PIPELINE_1	GQ3_Dashboard/GQ3_PIPELINE_1	GQ3_Dashboard/GQ3_PIPELINE_1	Inherited (BACNET_SIMPLE_ANALOG)
PROCESS_VALUE	CHW/SPEED/PCHWP_2_SPEED/PROCESS_VALUE	Low Low Analog Alarm	High	GQ3_Dashboard/GQ3_PIPELINE_1	GQ3_Dashboard/GQ3_PIPELINE_1	GQ3_Dashboard/GQ3_PIPELINE_1	Inherited (BACNET_SIMPLE_ANALOG)
PROCESS_VALUE	CHW/SPEED/PCHWP_2_SPEED/PROCESS_VALUE	High High Analog Alarm	High	GQ3_Dashboard/GQ3_PIPELINE_1	GQ3_Dashboard/GQ3_PIPELINE_1	GQ3_Dashboard/GQ3_PIPELINE_1	Inherited (BACNET_SIMPLE_ANALOG)
PROCESS_VALUE	CHW/SPEED/SCHWP_3_SPEED/PROCESS_VALUE	Low Low Analog Alarm	High	GQ3_Dashboard/GQ3_PIPELINE_1	GQ3_Dashboard/GQ3_PIPELINE_1	GQ3_Dashboard/GQ3_PIPELINE_1	Inherited (BACNET_SIMPLE_ANALOG)
PROCESS_VALUE	CHW/SPEED/SCHWP_3_SPEED/PROCESS_VALUE	High High Analog Alarm	High	GQ3_Dashboard/GQ3_PIPELINE_1	GQ3_Dashboard/GQ3_PIPELINE_1	GQ3_Dashboard/GQ3_PIPELINE_1	Inherited (BACNET_SIMPLE_ANALOG)
PROCESS_VALUE	CHW/SPEED/SCHWP_4_SPEED/PROCESS_VALUE	Low Low Analog Alarm	High	GQ3_Dashboard/GQ3_PIPELINE_1	GQ3_Dashboard/GQ3_PIPELINE_1	GQ3_Dashboard/GQ3_PIPELINE_1	Inherited (BACNET_SIMPLE_ANALOG)
PROCESS_VALUE	CHW/SPEED/SCHWP_4_SPEED/PROCESS_VALUE	High High Analog Alarm	High	GQ3_Dashboard/GQ3_PIPELINE_1	GQ3_Dashboard/GQ3_PIPELINE_1	GQ3_Dashboard/GQ3_PIPELINE_1	Inherited (BACNET_SIMPLE_ANALOG)
004_DIGITAL_INPUT	DI/ALARMS/RO_OFFLINE_ALARM/004_DIGITAL_INPUT	Alarm	High	GQ3_Dashboard/GQ3_PIPELINE_1	GQ3_Dashboard/GQ3_PIPELINE_1	GQ3_Dashboard/GQ3_PIPELINE_1	Explicit
004_DIGITAL_INPUT	DOD_HGMS/ALARMS/DOD_OFFLINE_ALARM/004_DIGITAL_INPUT	Alarm	High	GQ3_Dashboard/GQ3_PIPELINE_1	GQ3_Dashboard/GQ3_PIPELINE_1	GQ3_Dashboard/GQ3_PIPELINE_1	Explicit
004_DIGITAL_INPUT	EXHAUST_FANS/ALARM/EF_OFFLINE_ALARM/004_DIGITAL_INPUT	Alarm	High	GQ3_Dashboard/GQ3_PIPELINE_1	GQ3_Dashboard/GQ3_PIPELINE_1	GQ3_Dashboard/GQ3_PIPELINE_1	Explicit
PROCESS_VALUE	EXHAUST_FANS/SPEED/EF1_VFD_SPD/PROCESS_VALUE	Low Low Analog Alarm	High	GQ3_Dashboard/GQ3_PIPELINE_1	GQ3_Dashboard/GQ3_PIPELINE_1	GQ3_Dashboard/GQ3_PIPELINE_1	Inherited (BACNET_SIMPLE_ANALOG)
PROCESS_VALUE	EXHAUST_FANS/SPEED/EF1_VFD_SPD/PROCESS_VALUE	High High Analog Alarm	High	GQ3_Dashboard/GQ3_PIPELINE_1	GQ3_Dashboard/GQ3_PIPELINE_1	GQ3_Dashboard/GQ3_PIPELINE_1	Inherited (BACNET_SIMPLE_ANALOG)
PROCESS_VALUE	EXHAUST_FANS/SPEED/EF2_VFD_SPD/PROCESS_VALUE	Low Low Analog Alarm	High	GQ3_Dashboard/GQ3_PIPELINE_1	GQ3_Dashboard/GQ3_PIPELINE_1	GQ3_Dashboard/GQ3_PIPELINE_1	Inherited (BACNET_SIMPLE_ANALOG)
PROCESS_VALUE	EXHAUST_FANS/SPEED/EF2_VFD_SPD/PROCESS_VALUE	High High Analog Alarm	High	GQ3_Dashboard/GQ3_PIPELINE_1	GQ3_Dashboard/GQ3_PIPELINE_1	GQ3_Dashboard/GQ3_PIPELINE_1	Inherited (BACNET_SIMPLE_ANALOG)
PROCESS_VALUE	EXHAUST_FANS/SPEED/EF3_VFD_SPD/PROCESS_VALUE	Low Low Analog Alarm	High	GQ3_Dashboard/GQ3_PIPELINE_1	GQ3_Dashboard/GQ3_PIPELINE_1	GQ3_Dashboard/GQ3_PIPELINE_1	Inherited (BACNET_SIMPLE_ANALOG)
PROCESS_VALUE	EXHAUST_FANS/SPEED/EF3_VFD_SPD/PROCESS_VALUE	High High Analog Alarm	High	GQ3_Dashboard/GQ3_PIPELINE_1	GQ3_Dashboard/GQ3_PIPELINE_1	GQ3_Dashboard/GQ3_PIPELINE_1	Inherited (BACNET_SIMPLE_ANALOG)
PROCESS_VALUE	F4T_HF_LH/OUTPUT/LH_1/PROCESS_VALUE	Low Low Analog Alarm	High	GQ3_Dashboard/GQ3_PIPELINE_1	GQ3_Dashboard/GQ3_PIPELINE_1	GQ3_Dashboard/GQ3_PIPELINE_1	Inherited (SIMPLE_ANALOG)
PROCESS_VALUE	F4T_HF_LH/OUTPUT/LH_1/PROCESS_VALUE	High High Analog Alarm	High	GQ3_Dashboard/GQ3_PIPELINE_1	GQ3_Dashboard/GQ3_PIPELINE_1	GQ3_Dashboard/GQ3_PIPELINE_1	Inherited (SIMPLE_ANALOG)
PROCESS_VALUE	F4T_HF_LH/OUTPUT/LH_2/PROCESS_VALUE	Low Low Analog Alarm	High	GQ3_Dashboard/GQ3_PIPELINE_1	GQ3_Dashboard/GQ3_PIPELINE_1	GQ3_Dashboard/GQ3_PIPELINE_1	Inherited (SIMPLE_ANALOG)
PROCESS_VALUE	F4T_HF_LH/OUTPUT/LH_2/PROCESS_VALUE	High High Analog Alarm	High	GQ3_Dashboard/GQ3_PIPELINE_1	GQ3_Dashboard/GQ3_PIPELINE_1	GQ3_Dashboard/GQ3_PIPELINE_1	Inherited (SIMPLE_ANALOG)
PROCESS_VALUE	F4T_HF_LH/OUTPUT/LH_3/PROCESS_VALUE	Low Low Analog Alarm	High	GQ3_Dashboard/GQ3_PIPELINE_1	GQ3_Dashboard/GQ3_PIPELINE_1	GQ3_Dashboard/GQ3_PIPELINE_1	Inherited (SIMPLE_ANALOG)
PROCESS_VALUE	F4T_HF_LH/OUTPUT/LH_3/PROCESS_VALUE	High High Analog Alarm	High	GQ3_Dashboard/GQ3_PIPELINE_1	GQ3_Dashboard/GQ3_PIPELINE_1	GQ3_Dashboard/GQ3_PIPELINE_1	Inherited (SIMPLE_ANALOG)
PROCESS_VALUE	F4T_HF_LH/TEMP/LH_1/PROCESS_VALUE	Low Low Analog Alarm	High	GQ3_Dashboard/GQ3_PIPELINE_1	GQ3_Dashboard/GQ3_PIPELINE_1	GQ3_Dashboard/GQ3_PIPELINE_1	Inherited (SIMPLE_ANALOG)
PROCESS_VALUE	F4T_HF_LH/TEMP/LH_1/PROCESS_VALUE	High High Analog Alarm	High	GQ3_Dashboard/GQ3_PIPELINE_1	GQ3_Dashboard/GQ3_PIPELINE_1	GQ3_Dashboard/GQ3_PIPELINE_1	Inherited (SIMPLE_ANALOG)
PROCESS_VALUE	F4T_HF_LH/TEMP/LH_2/PROCESS_VALUE	Low Low Analog Alarm	High	GQ3_Dashboard/GQ3_PIPELINE_1	GQ3_Dashboard/GQ3_PIPELINE_1	GQ3_Dashboard/GQ3_PIPELINE_1	Inherited (SIMPLE_ANALOG)
PROCESS_VALUE	F4T_HF_LH/TEMP/LH_2/PROCESS_VALUE	High High Analog Alarm	High	GQ3_Dashboard/GQ3_PIPELINE_1	GQ3_Dashboard/GQ3_PIPELINE_1	GQ3_Dashboard/GQ3_PIPELINE_1	Inherited (SIMPLE_ANALOG)
